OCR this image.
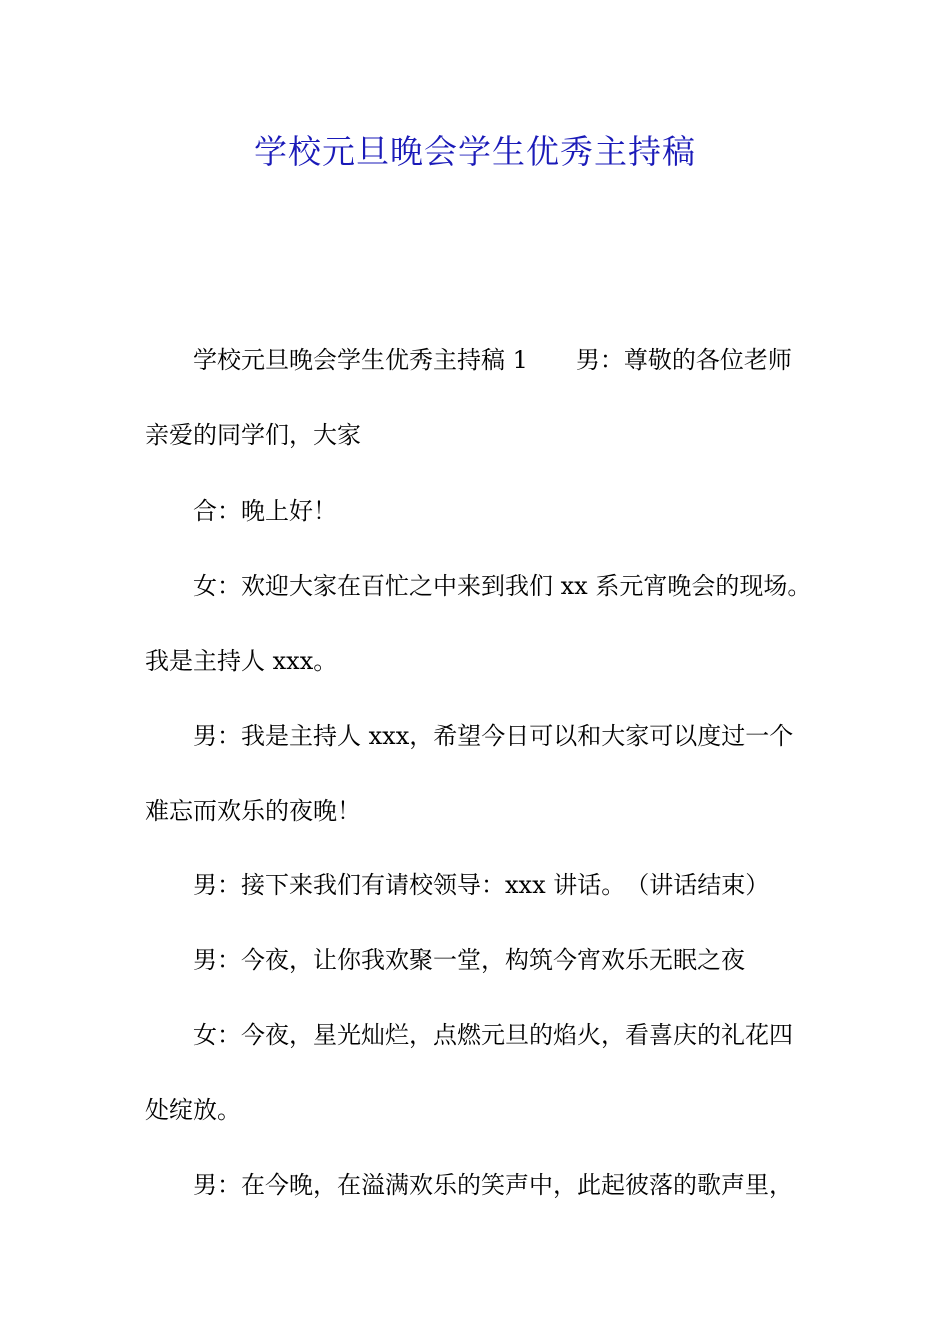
学校元旦晚会学生优秀主持稿
学校元旦晚会学生优秀主持稿 1　　男：尊敬的各位老师
亲爱的同学们，大家
合：晚上好！
女：欢迎大家在百忙之中来到我们 xx 系元宵晚会的现场。
我是主持人 xxx。
男：我是主持人 xxx，希望今日可以和大家可以度过一个
难忘而欢乐的夜晚！
男：接下来我们有请校领导：xxx 讲话。　（讲话结束）
男：今夜，让你我欢聚一堂，构筑今宵欢乐无眠之夜
女：今夜，星光灿烂，点燃元旦的焰火，看喜庆的礼花四
处绽放。
男：在今晚，在溢满欢乐的笑声中，此起彼落的歌声里，
